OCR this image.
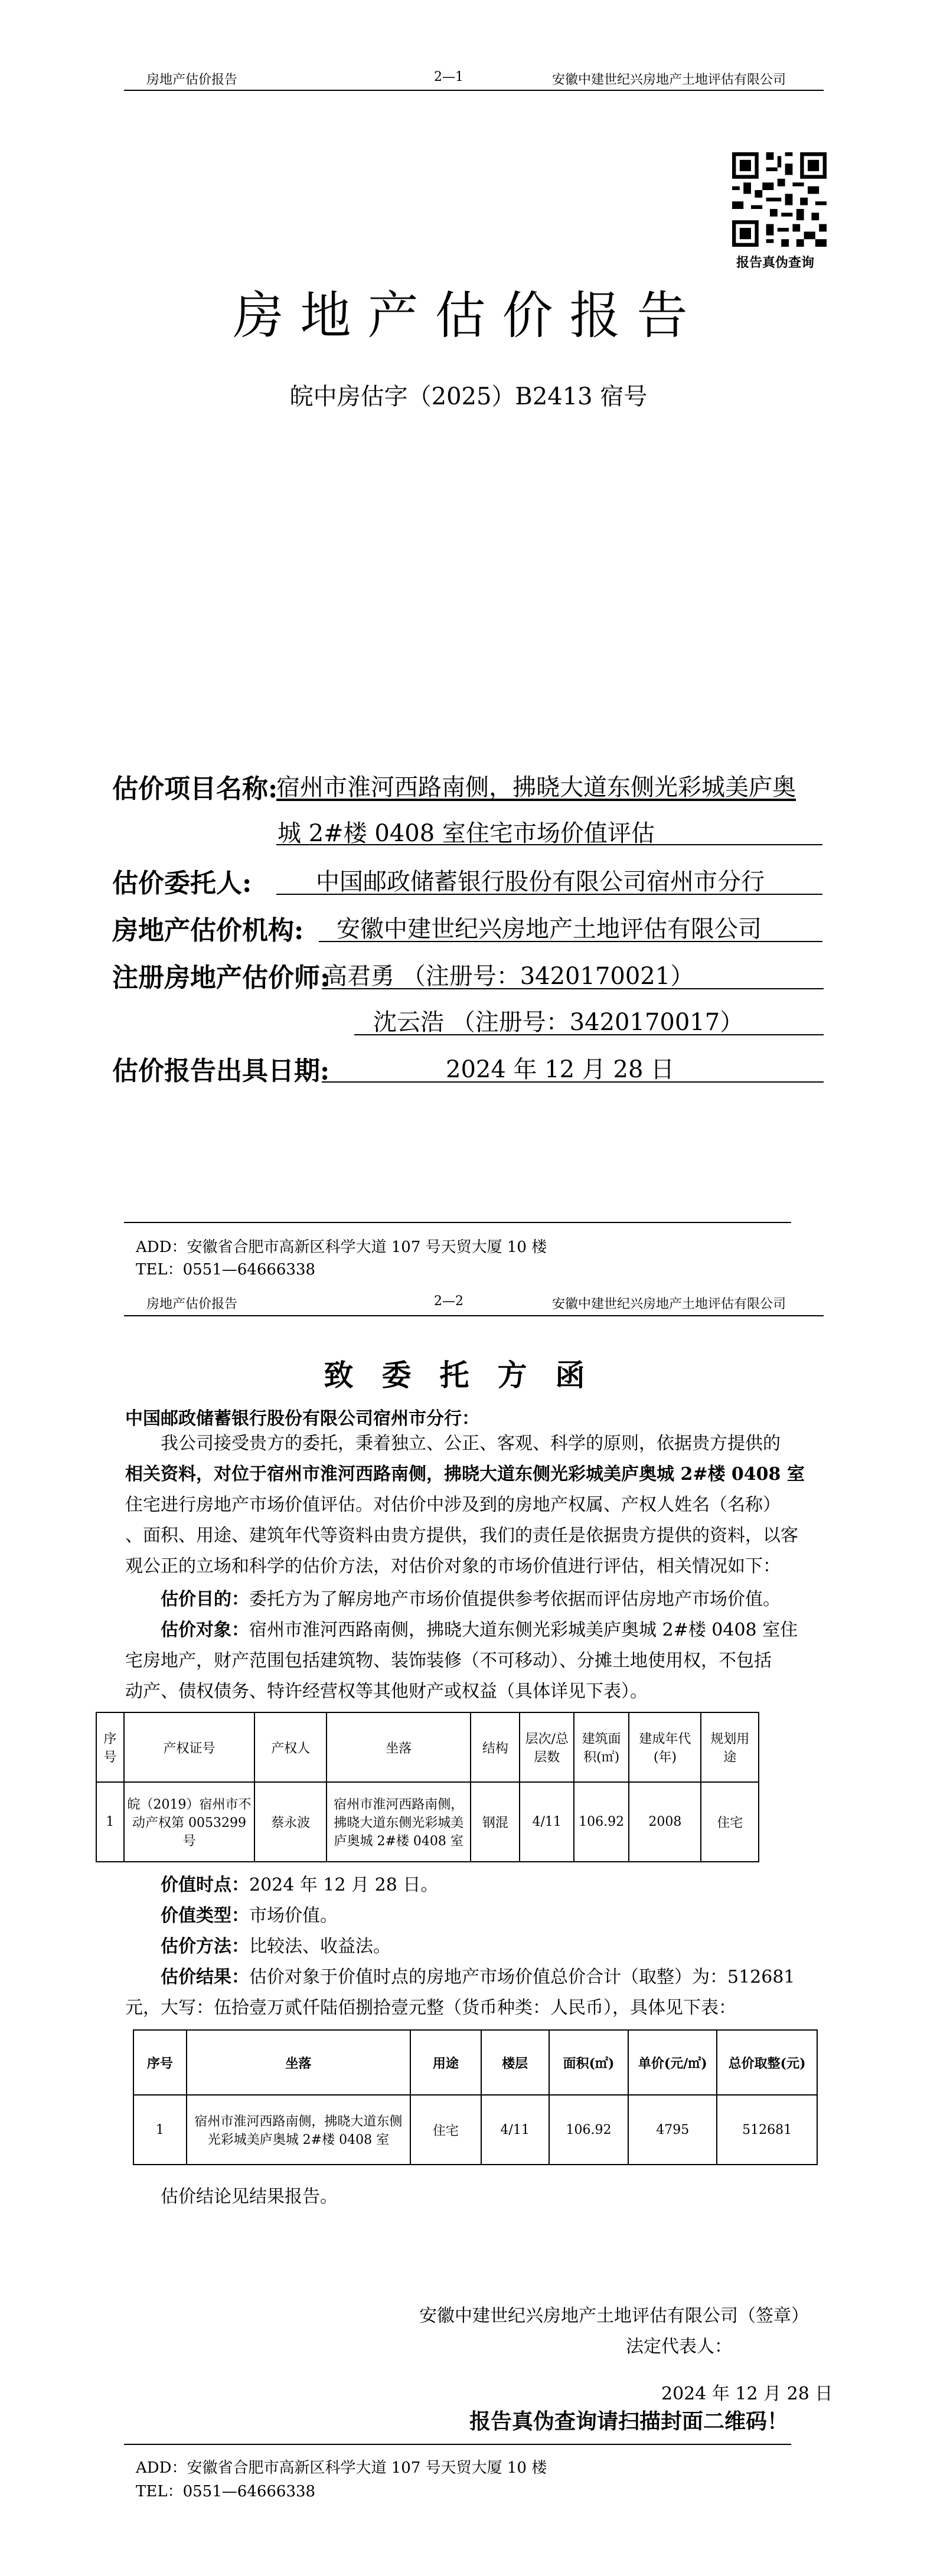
房地产估价报告	2—1	安徽中建世纪兴房地产土地评估有限公司
报告真伪查询
房地产估价报告
皖中房估字（2025）B2413 宿号
估价项目名称:
宿州市淮河西路南侧，拂晓大道东侧光彩城美庐奥
城 2#楼 0408 室住宅市场价值评估
估价委托人:	中国邮政储蓄银行股份有限公司宿州市分行
房地产估价机构: 安徽中建世纪兴房地产土地评估有限公司
注册房地产估价师:
高君勇 （注册号：3420170021）
沈云浩 （注册号：3420170017）
估价报告出具日期:	2024 年 12 月 28 日
ADD：安徽省合肥市高新区科学大道 107 号天贸大厦 10 楼
TEL：0551—64666338
房地产估价报告	2—2	安徽中建世纪兴房地产土地评估有限公司
致委托方函
中国邮政储蓄银行股份有限公司宿州市分行：
我公司接受贵方的委托，秉着独立、公正、客观、科学的原则，依据贵方提供的
相关资料，对位于宿州市淮河西路南侧，拂晓大道东侧光彩城美庐奥城 2#楼 0408 室
住宅进行房地产市场价值评估。对估价中涉及到的房地产权属、产权人姓名（名称）
、面积、用途、建筑年代等资料由贵方提供，我们的责任是依据贵方提供的资料，以客
观公正的立场和科学的估价方法，对估价对象的市场价值进行评估，相关情况如下：
估价目的：委托方为了解房地产市场价值提供参考依据而评估房地产市场价值。
估价对象：宿州市淮河西路南侧，拂晓大道东侧光彩城美庐奥城 2#楼 0408 室住
宅房地产，财产范围包括建筑物、装饰装修（不可移动）、分摊土地使用权，不包括
动产、债权债务、特许经营权等其他财产或权益（具体详见下表）。
序号	产权证号	产权人	坐落	结构	层次/总层数	建筑面积(㎡)	建成年代(年)	规划用途
1	皖（2019）宿州市不动产权第 0053299 号	蔡永波	宿州市淮河西路南侧，拂晓大道东侧光彩城美庐奥城 2#楼 0408 室	钢混	4/11	106.92	2008	住宅
价值时点：2024 年 12 月 28 日。
价值类型：市场价值。
估价方法：比较法、收益法。
估价结果：估价对象于价值时点的房地产市场价值总价合计（取整）为：512681
元，大写：伍拾壹万贰仟陆佰捌拾壹元整（货币种类：人民币），具体见下表：
序号	坐落	用途	楼层	面积(㎡)	单价(元/㎡)	总价取整(元)
1	宿州市淮河西路南侧，拂晓大道东侧光彩城美庐奥城 2#楼 0408 室	住宅	4/11	106.92	4795	512681
估价结论见结果报告。
安徽中建世纪兴房地产土地评估有限公司（签章）
法定代表人：
2024 年 12 月 28 日
报告真伪查询请扫描封面二维码！
ADD：安徽省合肥市高新区科学大道 107 号天贸大厦 10 楼
TEL：0551—64666338
